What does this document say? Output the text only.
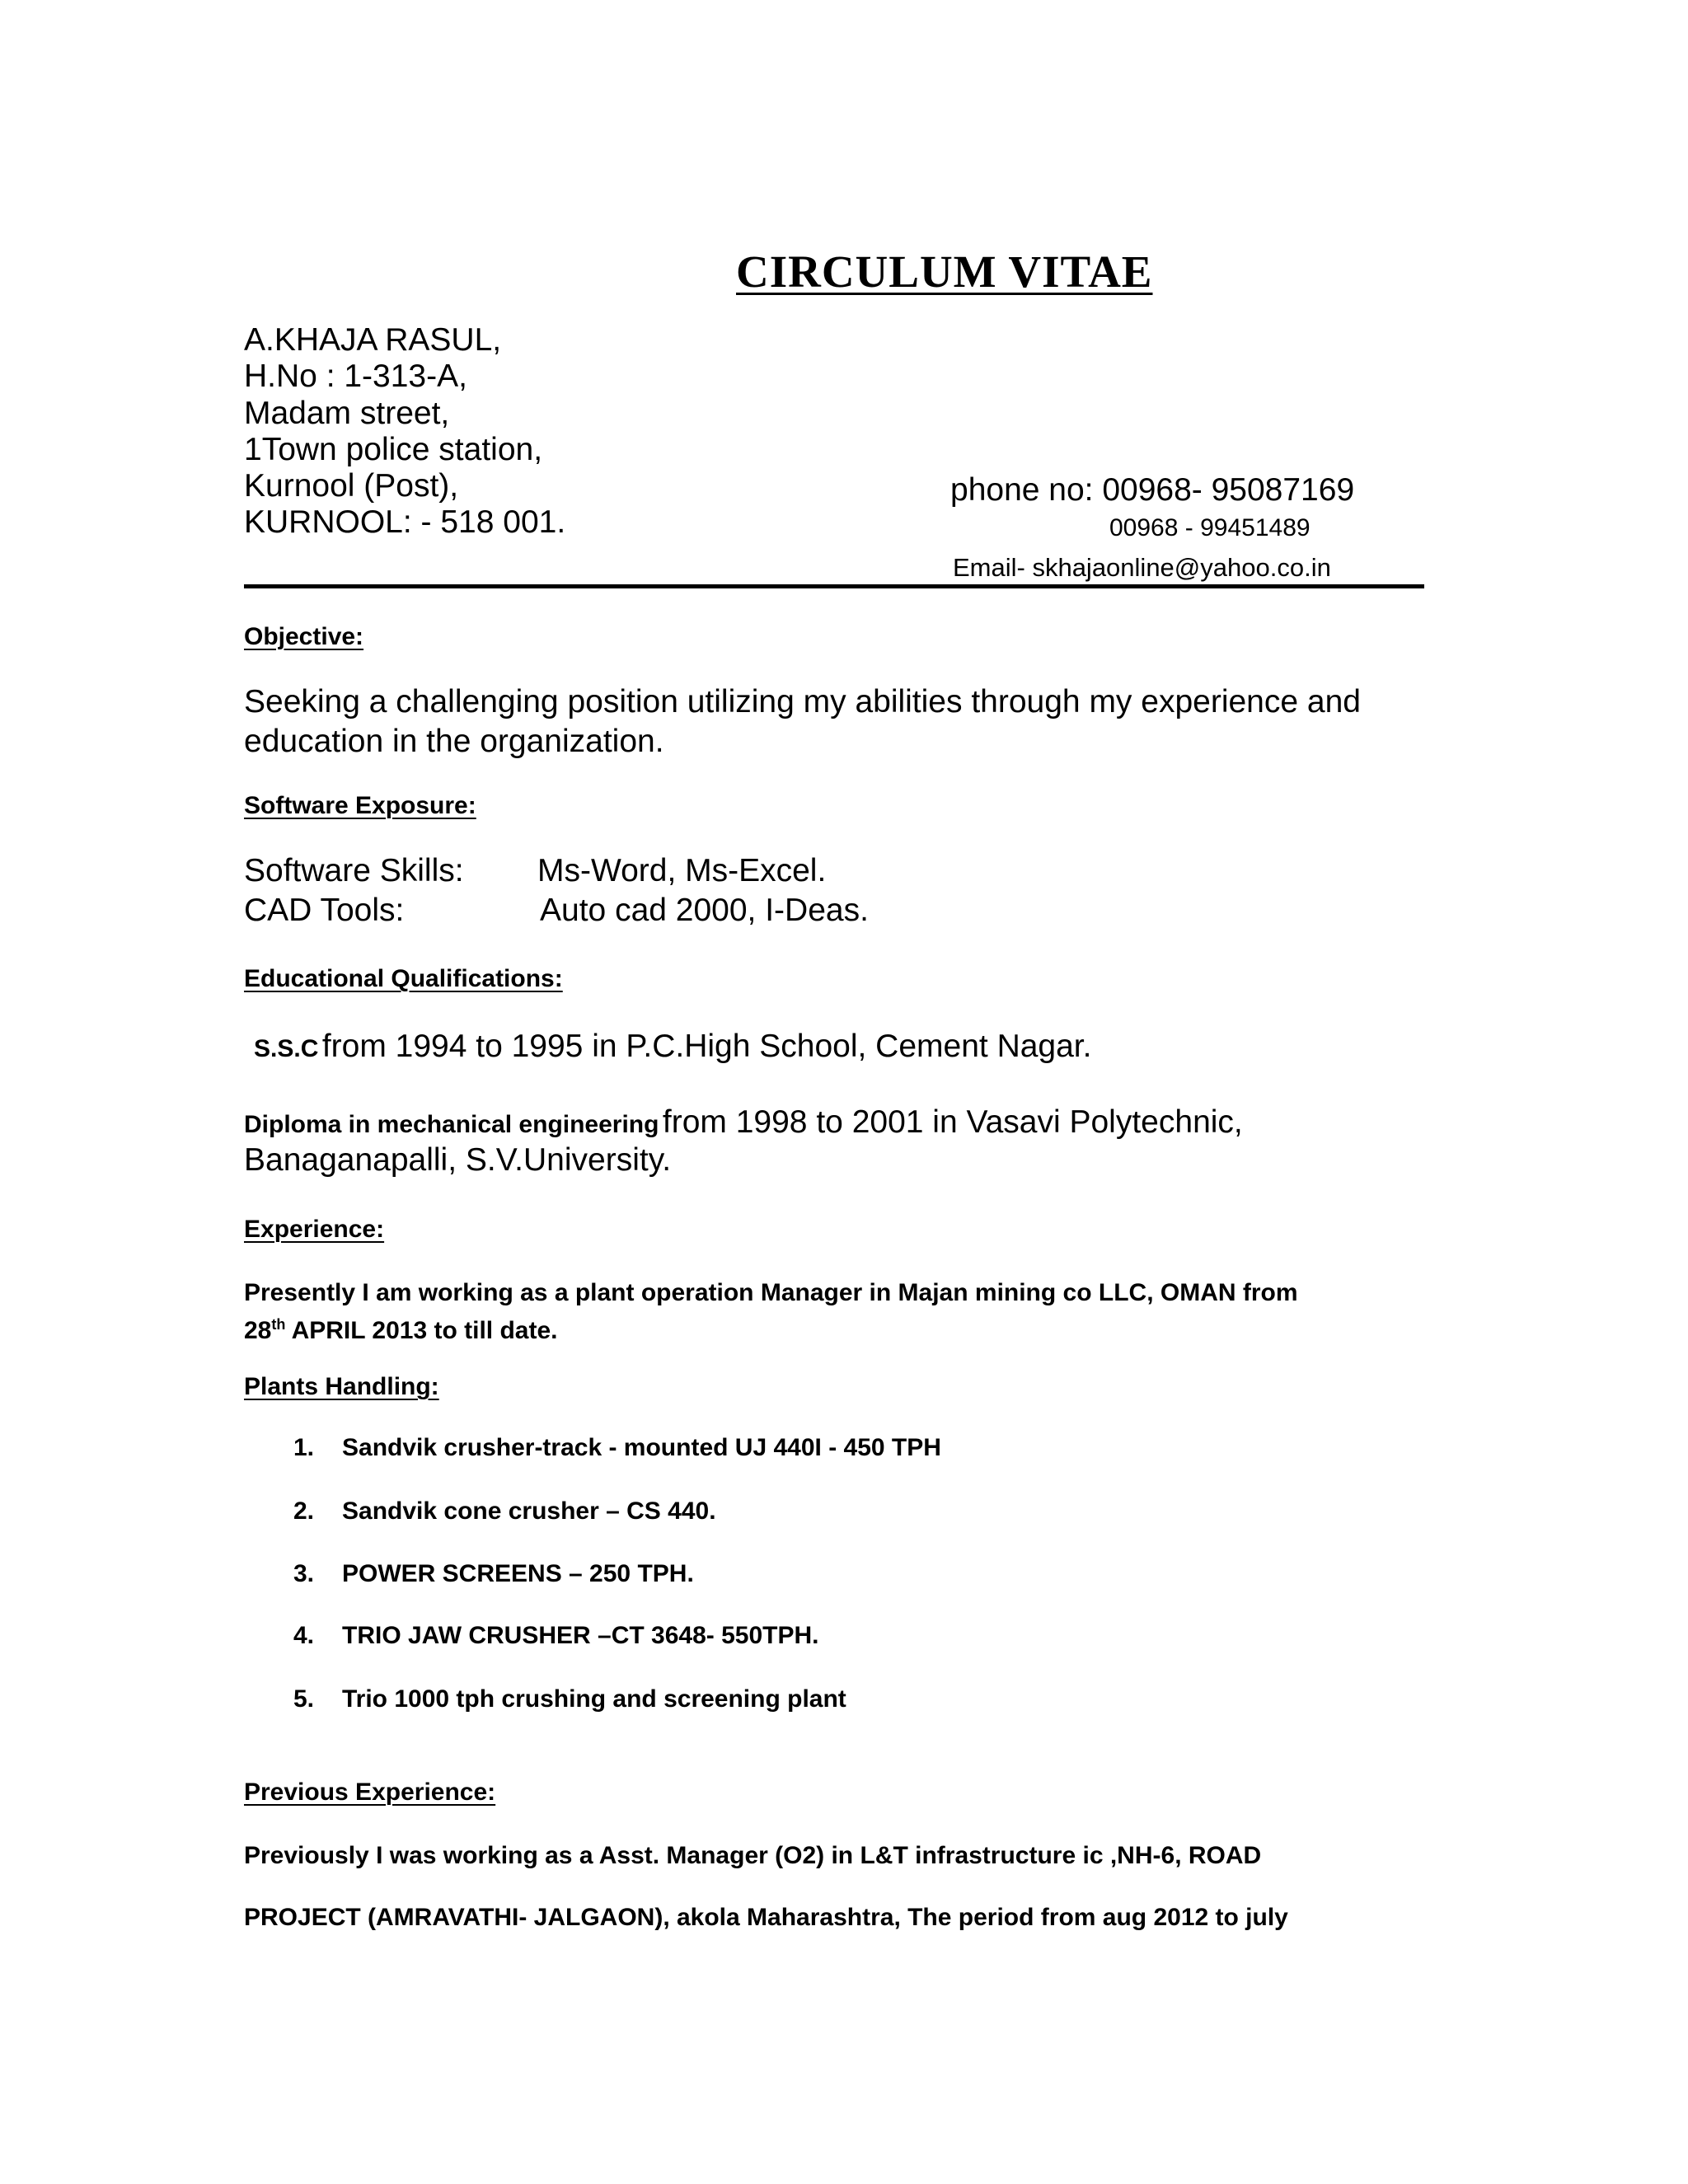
CIRCULUM VITAE
A.KHAJA RASUL,
H.No : 1-313-A,
Madam street,
1Town police station,
Kurnool (Post),
KURNOOL: - 518 001.
phone no: 00968- 95087169
00968 - 99451489
Email- skhajaonline@yahoo.co.in
Objective:
Seeking a challenging position utilizing my abilities through my experience and
education in the organization.
Software Exposure:
Software Skills: Ms-Word, Ms-Excel.
CAD Tools:	Auto cad 2000, I-Deas.
Educational Qualifications:
S.S.C from 1994 to 1995 in P.C.High School, Cement Nagar.
Diploma in mechanical engineering from 1998 to 2001 in Vasavi Polytechnic,
Banaganapalli, S.V.University.
Experience:
Presently I am working as a plant operation Manager in Majan mining co LLC, OMAN from
28th APRIL 2013 to till date.
Plants Handling:
1. Sandvik crusher-track - mounted UJ 440I - 450 TPH
2. Sandvik cone crusher – CS 440.
3. POWER SCREENS – 250 TPH.
4. TRIO JAW CRUSHER –CT 3648- 550TPH.
5. Trio 1000 tph crushing and screening plant
Previous Experience:
Previously I was working as a Asst. Manager (O2) in L&T infrastructure ic ,NH-6, ROAD
PROJECT (AMRAVATHI- JALGAON), akola Maharashtra, The period from aug 2012 to july
